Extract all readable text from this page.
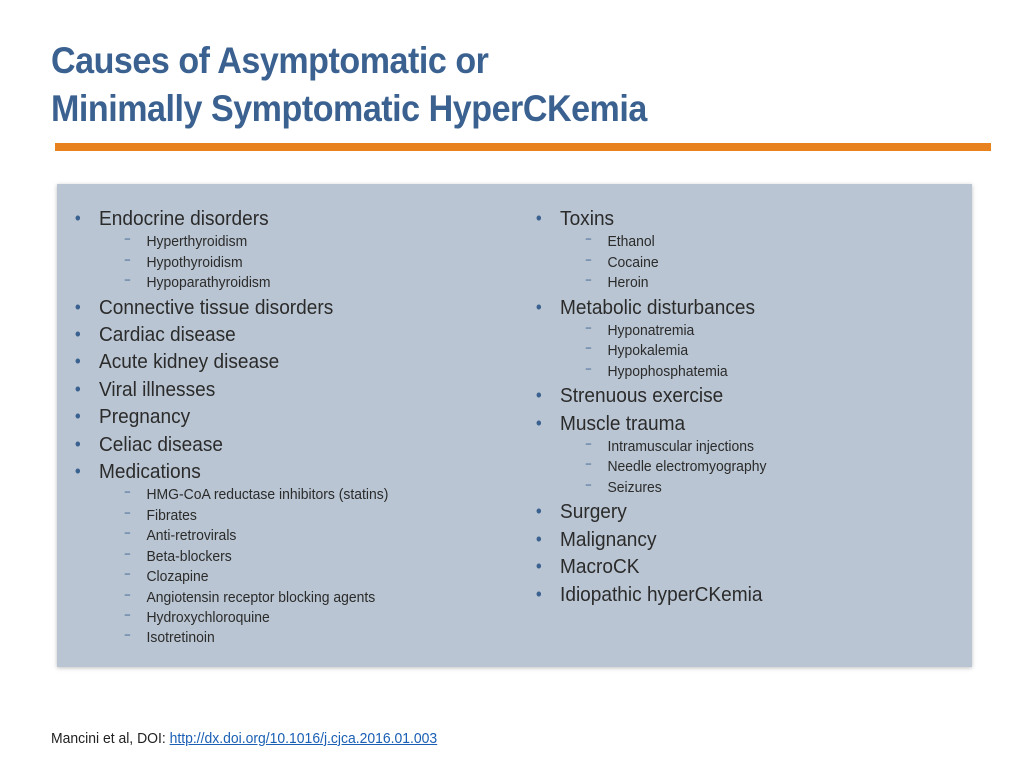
Causes of Asymptomatic or
Minimally Symptomatic HyperCKemia
• Endocrine disorders
− Hyperthyroidism
− Hypothyroidism
− Hypoparathyroidism
• Connective tissue disorders
• Cardiac disease
• Acute kidney disease
• Viral illnesses
• Pregnancy
• Celiac disease
• Medications
− HMG-CoA reductase inhibitors (statins)
− Fibrates
− Anti-retrovirals
− Beta-blockers
− Clozapine
− Angiotensin receptor blocking agents
− Hydroxychloroquine
− Isotretinoin
• Toxins
− Ethanol
− Cocaine
− Heroin
• Metabolic disturbances
− Hyponatremia
− Hypokalemia
− Hypophosphatemia
• Strenuous exercise
• Muscle trauma
− Intramuscular injections
− Needle electromyography
− Seizures
• Surgery
• Malignancy
• MacroCK
• Idiopathic hyperCKemia
Mancini et al, DOI: http://dx.doi.org/10.1016/j.cjca.2016.01.003
